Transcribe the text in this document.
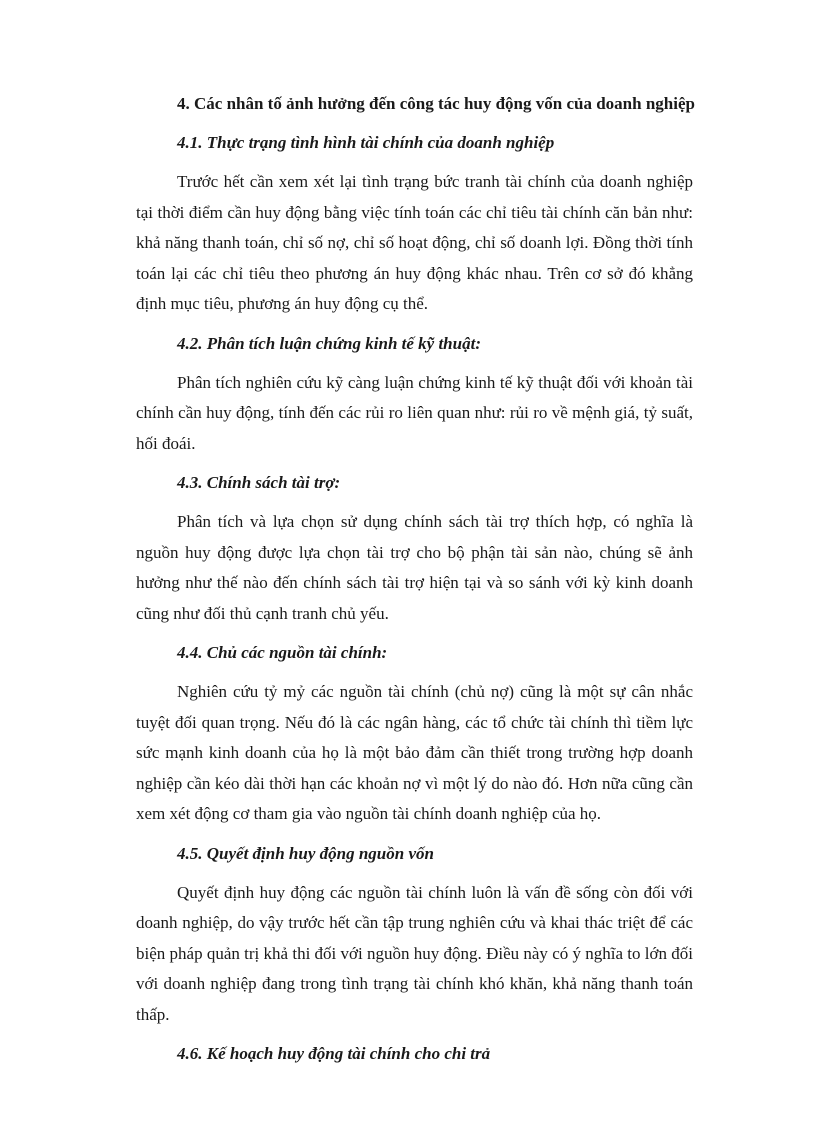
4. Các nhân tố ảnh hưởng đến công tác huy động vốn của doanh nghiệp
4.1. Thực trạng tình hình tài chính của doanh nghiệp

Trước hết cần xem xét lại tình trạng bức tranh tài chính của doanh nghiệp tại thời điểm cần huy động bằng việc tính toán các chỉ tiêu tài chính căn bản như: khả năng thanh toán, chỉ số nợ, chỉ số hoạt động, chỉ số doanh lợi. Đồng thời tính toán lại các chỉ tiêu theo phương án huy động khác nhau. Trên cơ sở đó khẳng định mục tiêu, phương án huy động cụ thể.

4.2. Phân tích luận chứng kinh tế kỹ thuật:

Phân tích nghiên cứu kỹ càng luận chứng kinh tế kỹ thuật đối với khoản tài chính cần huy động, tính đến các rủi ro liên quan như: rủi ro về mệnh giá, tỷ suất, hối đoái.

4.3. Chính sách tài trợ:

Phân tích và lựa chọn sử dụng chính sách tài trợ thích hợp, có nghĩa là nguồn huy động được lựa chọn tài trợ cho bộ phận tài sản nào, chúng sẽ ảnh hưởng như thế nào đến chính sách tài trợ hiện tại và so sánh với kỳ kinh doanh cũng như đối thủ cạnh tranh chủ yếu.

4.4. Chủ các nguồn tài chính:

Nghiên cứu tỷ mỷ các nguồn tài chính (chủ nợ) cũng là một sự cân nhắc tuyệt đối quan trọng. Nếu đó là các ngân hàng, các tổ chức tài chính thì tiềm lực sức mạnh kinh doanh của họ là một bảo đảm cần thiết trong trường hợp doanh nghiệp cần kéo dài thời hạn các khoản nợ vì một lý do nào đó. Hơn nữa cũng cần xem xét động cơ tham gia vào nguồn tài chính doanh nghiệp của họ.

4.5. Quyết định huy động nguồn vốn

Quyết định huy động các nguồn tài chính luôn là vấn đề sống còn đối với doanh nghiệp, do vậy trước hết cần tập trung nghiên cứu và khai thác triệt để các biện pháp quản trị khả thi đối với nguồn huy động. Điều này có ý nghĩa to lớn đối với doanh nghiệp đang trong tình trạng tài chính khó khăn, khả năng thanh toán thấp.

4.6. Kế hoạch huy động tài chính cho chi trả
